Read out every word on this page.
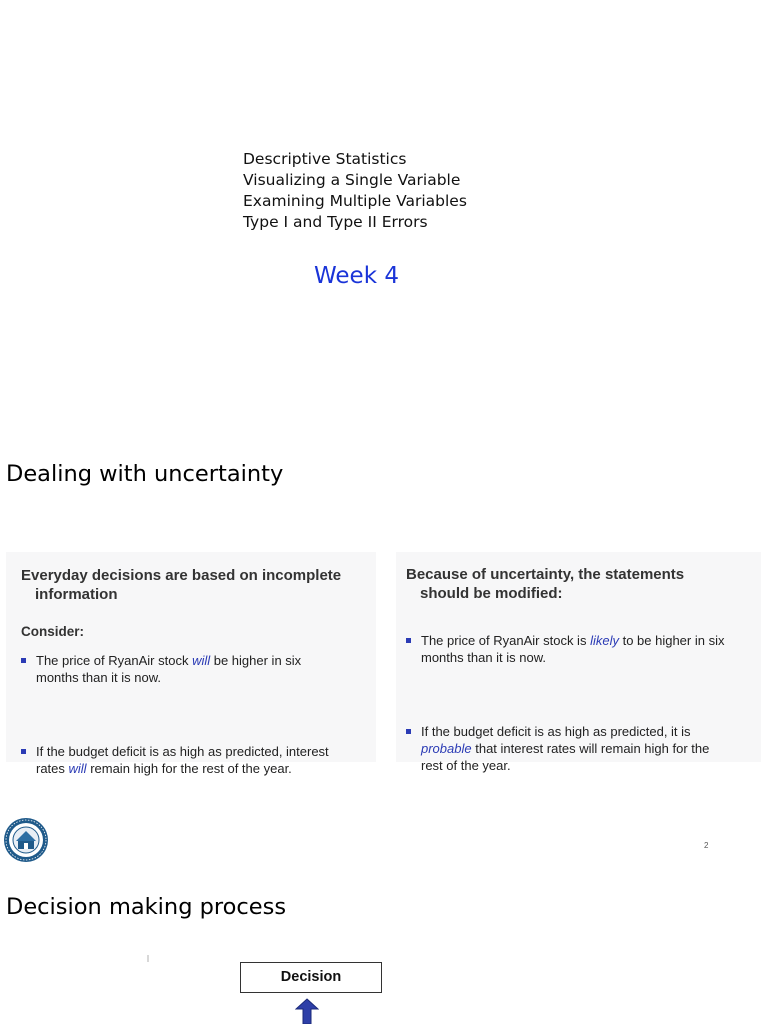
Descriptive Statistics
Visualizing a Single Variable
Examining Multiple Variables
Type I and Type II Errors
Week 4
Dealing with uncertainty
Everyday decisions are based on incomplete
information
Consider:
The price of RyanAir stock will be higher in six
months than it is now.
If the budget deficit is as high as predicted, interest
rates will remain high for the rest of the year.
Because of uncertainty, the statements
should be modified:
The price of RyanAir stock is likely to be higher in six
months than it is now.
If the budget deficit is as high as predicted, it is
probable that interest rates will remain high for the
rest of the year.
2
Decision making process
Decision
